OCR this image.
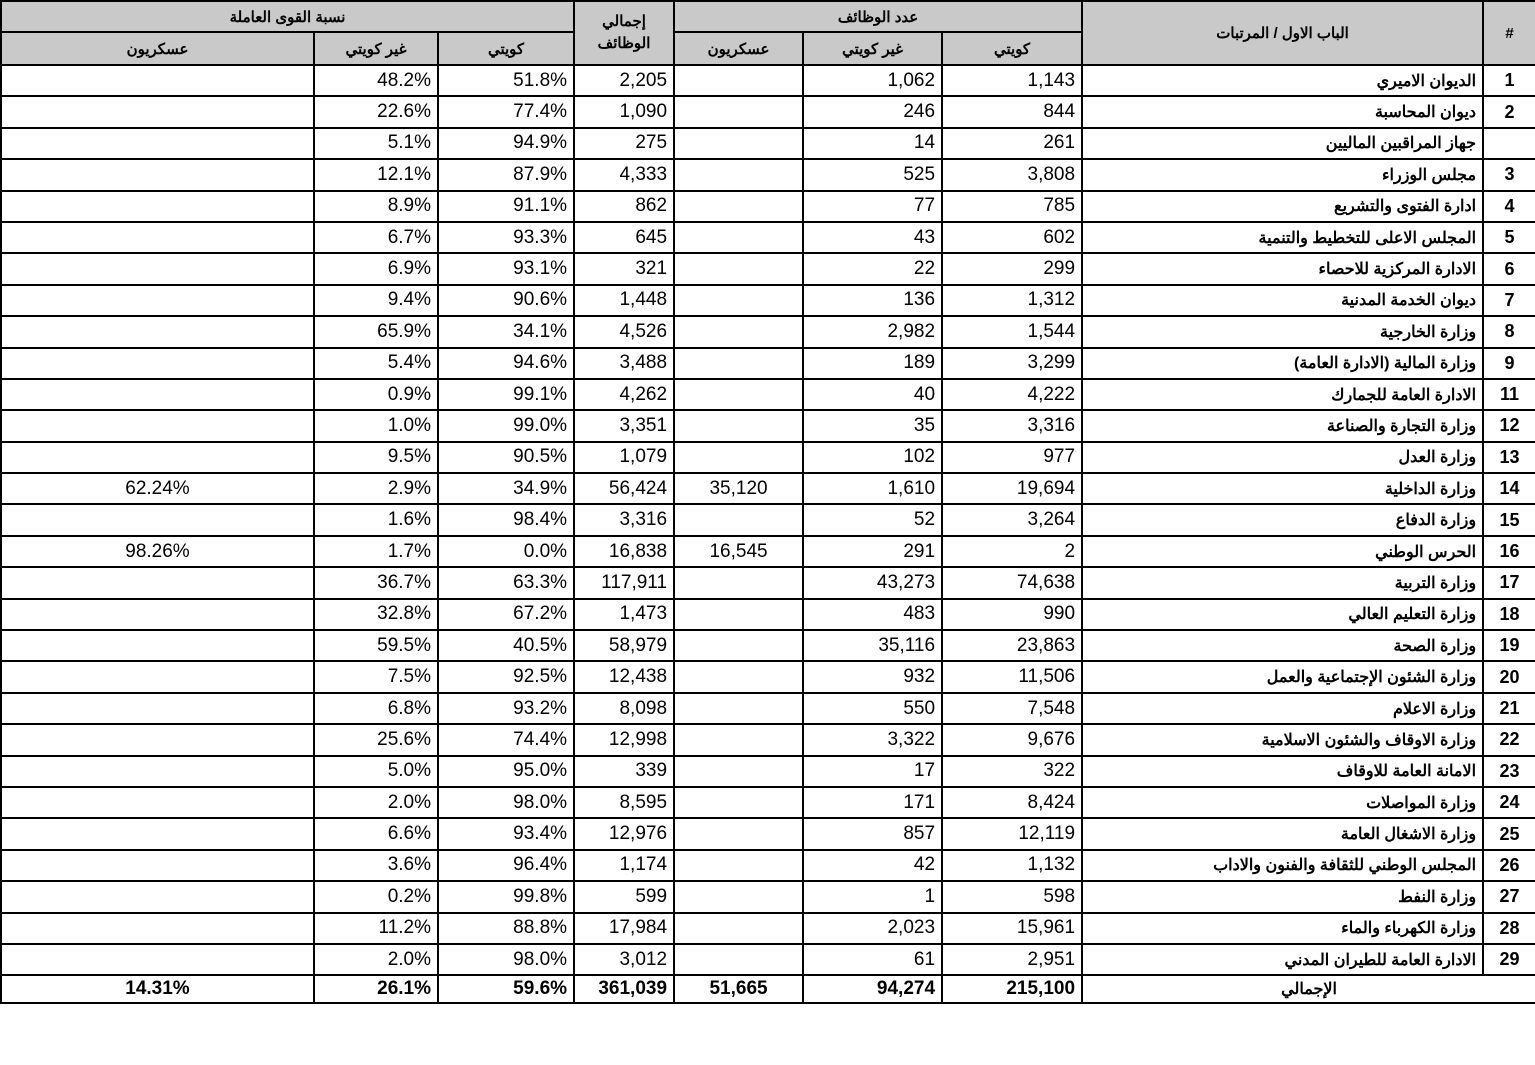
نسبة القوى العاملة			إجمالي الوظائف	عدد الوظائف			الباب الاول / المرتبات	#
عسكريون	غير كويتي	كويتي		عسكريون	غير كويتي	كويتي		
	48.2%	51.8%	2,205		1,062	1,143	الديوان الاميري	1
	22.6%	77.4%	1,090		246	844	ديوان المحاسبة	2
	5.1%	94.9%	275		14	261	جهاز المراقبين الماليين	
	12.1%	87.9%	4,333		525	3,808	مجلس الوزراء	3
	8.9%	91.1%	862		77	785	ادارة الفتوى والتشريع	4
	6.7%	93.3%	645		43	602	المجلس الاعلى للتخطيط والتنمية	5
	6.9%	93.1%	321		22	299	الادارة المركزية للاحصاء	6
	9.4%	90.6%	1,448		136	1,312	ديوان الخدمة المدنية	7
	65.9%	34.1%	4,526		2,982	1,544	وزارة الخارجية	8
	5.4%	94.6%	3,488		189	3,299	وزارة المالية (الادارة العامة)	9
	0.9%	99.1%	4,262		40	4,222	الادارة العامة للجمارك	11
	1.0%	99.0%	3,351		35	3,316	وزارة التجارة والصناعة	12
	9.5%	90.5%	1,079		102	977	وزارة العدل	13
62.24%	2.9%	34.9%	56,424	35,120	1,610	19,694	وزارة الداخلية	14
	1.6%	98.4%	3,316		52	3,264	وزارة الدفاع	15
98.26%	1.7%	0.0%	16,838	16,545	291	2	الحرس الوطني	16
	36.7%	63.3%	117,911		43,273	74,638	وزارة التربية	17
	32.8%	67.2%	1,473		483	990	وزارة التعليم العالي	18
	59.5%	40.5%	58,979		35,116	23,863	وزارة الصحة	19
	7.5%	92.5%	12,438		932	11,506	وزارة الشئون الإجتماعية والعمل	20
	6.8%	93.2%	8,098		550	7,548	وزارة الاعلام	21
	25.6%	74.4%	12,998		3,322	9,676	وزارة الاوقاف والشئون الاسلامية	22
	5.0%	95.0%	339		17	322	الامانة العامة للاوقاف	23
	2.0%	98.0%	8,595		171	8,424	وزارة المواصلات	24
	6.6%	93.4%	12,976		857	12,119	وزارة الاشغال العامة	25
	3.6%	96.4%	1,174		42	1,132	المجلس الوطني للثقافة والفنون والاداب	26
	0.2%	99.8%	599		1	598	وزارة النفط	27
	11.2%	88.8%	17,984		2,023	15,961	وزارة الكهرباء والماء	28
	2.0%	98.0%	3,012		61	2,951	الادارة العامة للطيران المدني	29
14.31%	26.1%	59.6%	361,039	51,665	94,274	215,100	الإجمالي	
